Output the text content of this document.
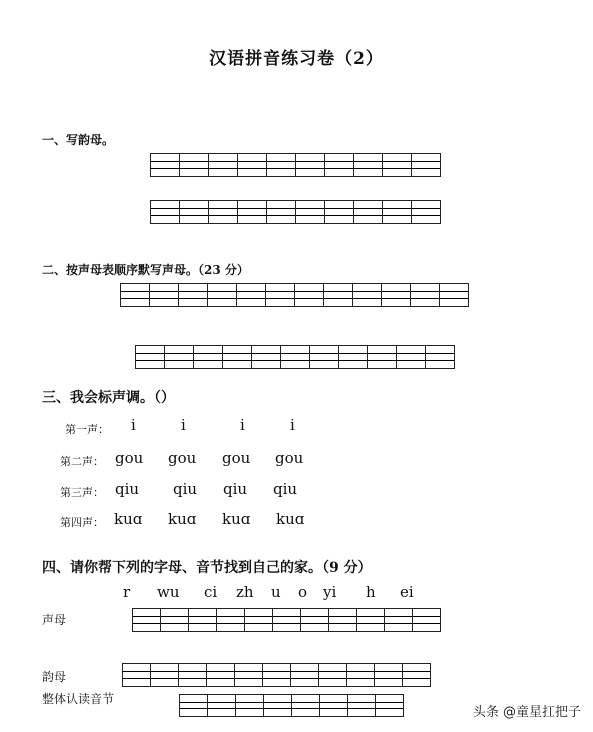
汉语拼音练习卷（2）
一、写韵母。
二、按声母表顺序默写声母。（23 分）
三、我会标声调。（）
第一声： i	i	i	i
第二声： gou gou gou gou
第三声： qiu qiu qiu qiu
第四声： kuɑ kuɑ kuɑ kuɑ
四、请你帮下列的字母、音节找到自己的家。（9 分）
r wu ci zh u o yi h ei
声母
韵母
整体认读音节
头条 @童星扛把子
